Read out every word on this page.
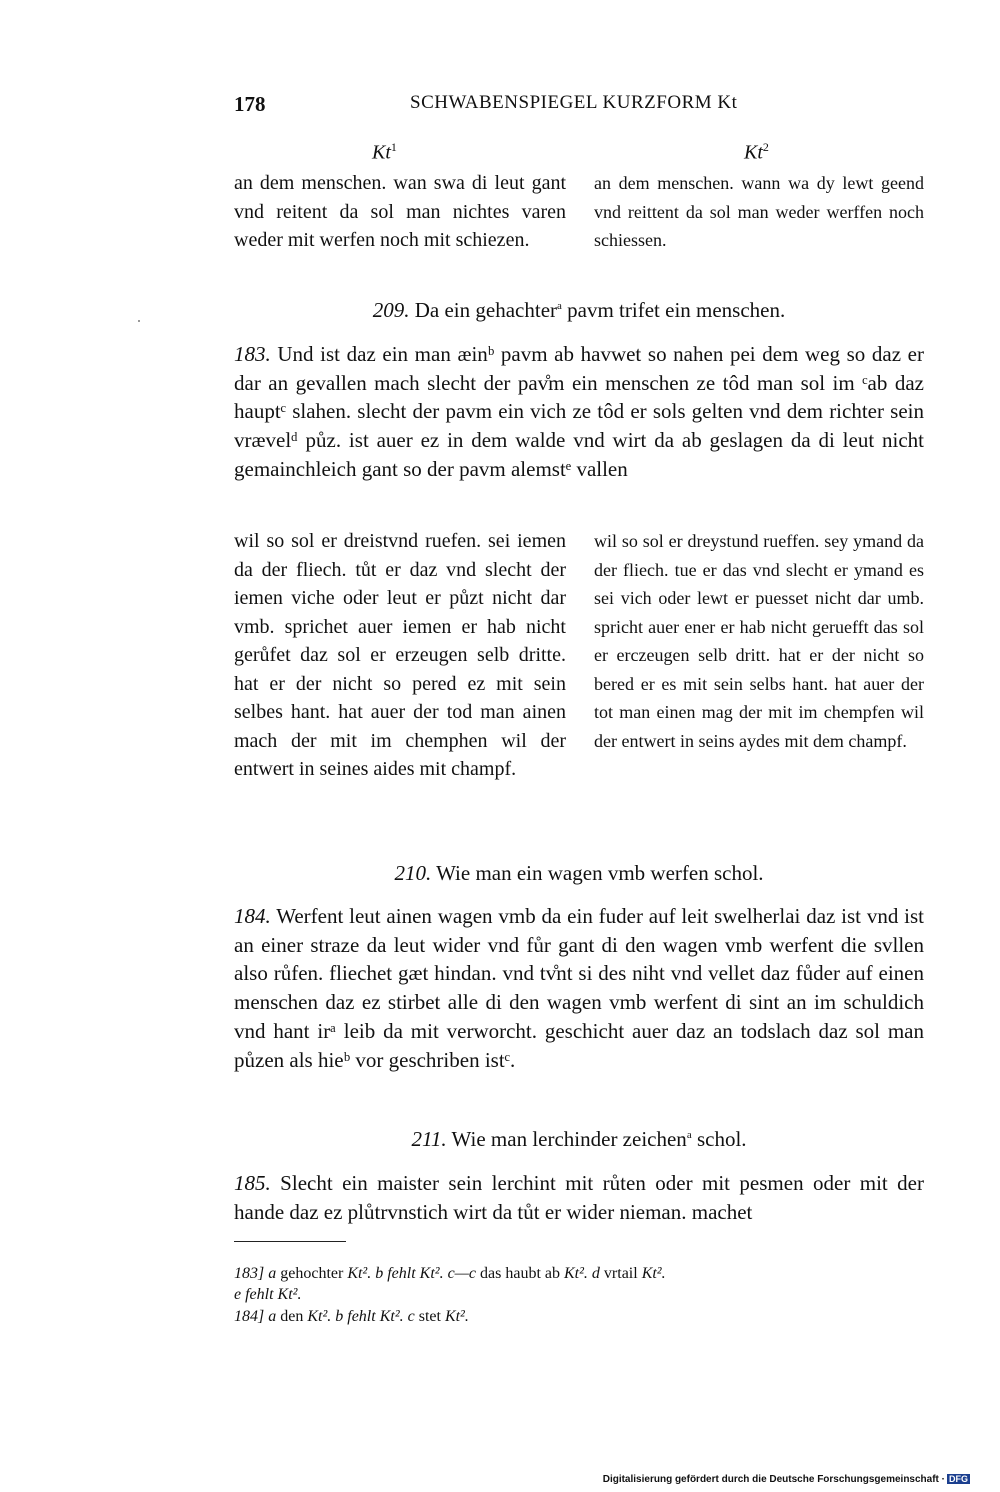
178	SCHWABENSPIEGEL KURZFORM Kt
Kt$^1$	Kt$^2$

an dem menschen. wan swa di leut gant vnd reitent da sol man nichtes varen weder mit werfen noch mit schiezen.

an dem menschen. wann wa dy lewt geend vnd reittent da sol man weder werffen noch schiessen.

209. Da ein gehachter$^a$ pavm trifet ein menschen.

183. Und ist daz ein man æinᵇ pavm ab havwet so nahen pei dem weg so daz er dar an gevallen mach slecht der pav̊m ein menschen ze tôd man sol im ᶜab daz hauptᶜ slahen. slecht der pavm ein vich ze tôd er sols gelten vnd dem richter sein vrævelᵈ půz. ist auer ez in dem walde vnd wirt da ab geslagen da di leut nicht gemainchleich gant so der pavm alemstᵉ vallen

wil so sol er dreistvnd ruefen. sei iemen da der fliech. tůt er daz vnd slecht der iemen viche oder leut er půzt nicht dar vmb. sprichet auer iemen er hab nicht gerůfet daz sol er erzeugen selb dritte. hat er der nicht so pered ez mit sein selbes hant. hat auer der tod man ainen mach der mit im chemphen wil der entwert in seines aides mit champf.

wil so sol er dreystund rueffen. sey ymand da der fliech. tue er das vnd slecht er ymand es sei vich oder lewt er puesset nicht dar umb. spricht auer ener er hab nicht geruefft das sol er erczeugen selb dritt. hat er der nicht so bered er es mit sein selbs hant. hat auer der tot man einen mag der mit im chempfen wil der entwert in seins aydes mit dem champf.

210. Wie man ein wagen vmb werfen schol.

184. Werfent leut ainen wagen vmb da ein fuder auf leit swelherlai daz ist vnd ist an einer straze da leut wider vnd fůr gant di den wagen vmb werfent die svllen also růfen. fliechet gæt hindan. vnd tv̊nt si des niht vnd vellet daz fůder auf einen menschen daz ez stirbet alle di den wagen vmb werfent di sint an im schuldich vnd hant irᵃ leib da mit verworcht. geschicht auer daz an todslach daz sol man půzen als hieᵇ vor geschriben istᶜ.

211. Wie man lerchinder zeichen$^a$ schol.

185. Slecht ein maister sein lerchint mit růten oder mit pesmen oder mit der hande daz ez plůtrvnstich wirt da tůt er wider nieman. machet

183] a gehochter Kt². b fehlt Kt². c—c das haubt ab Kt². d vrtail Kt².
e fehlt Kt².
184] a den Kt². b fehlt Kt². c stet Kt².
Digitalisierung gefördert durch die Deutsche Forschungsgemeinschaft · DFG
